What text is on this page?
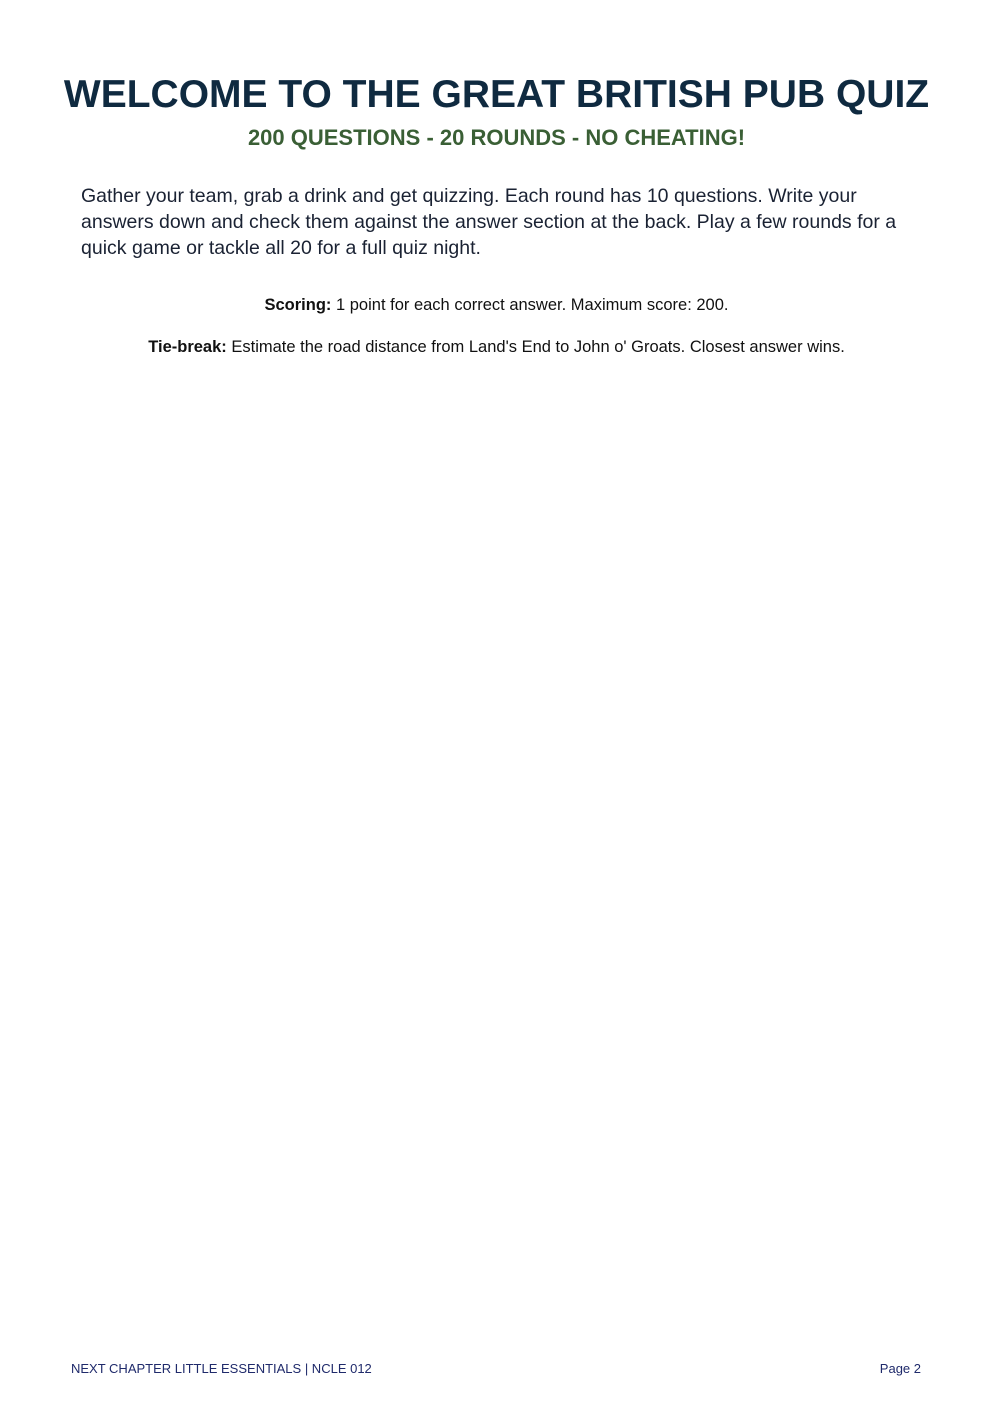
WELCOME TO THE GREAT BRITISH PUB QUIZ
200 QUESTIONS - 20 ROUNDS - NO CHEATING!

Gather your team, grab a drink and get quizzing. Each round has 10 questions. Write your answers down and check them against the answer section at the back. Play a few rounds for a quick game or tackle all 20 for a full quiz night.

Scoring: 1 point for each correct answer. Maximum score: 200.

Tie-break: Estimate the road distance from Land's End to John o' Groats. Closest answer wins.

NEXT CHAPTER LITTLE ESSENTIALS | NCLE 012	Page 2
